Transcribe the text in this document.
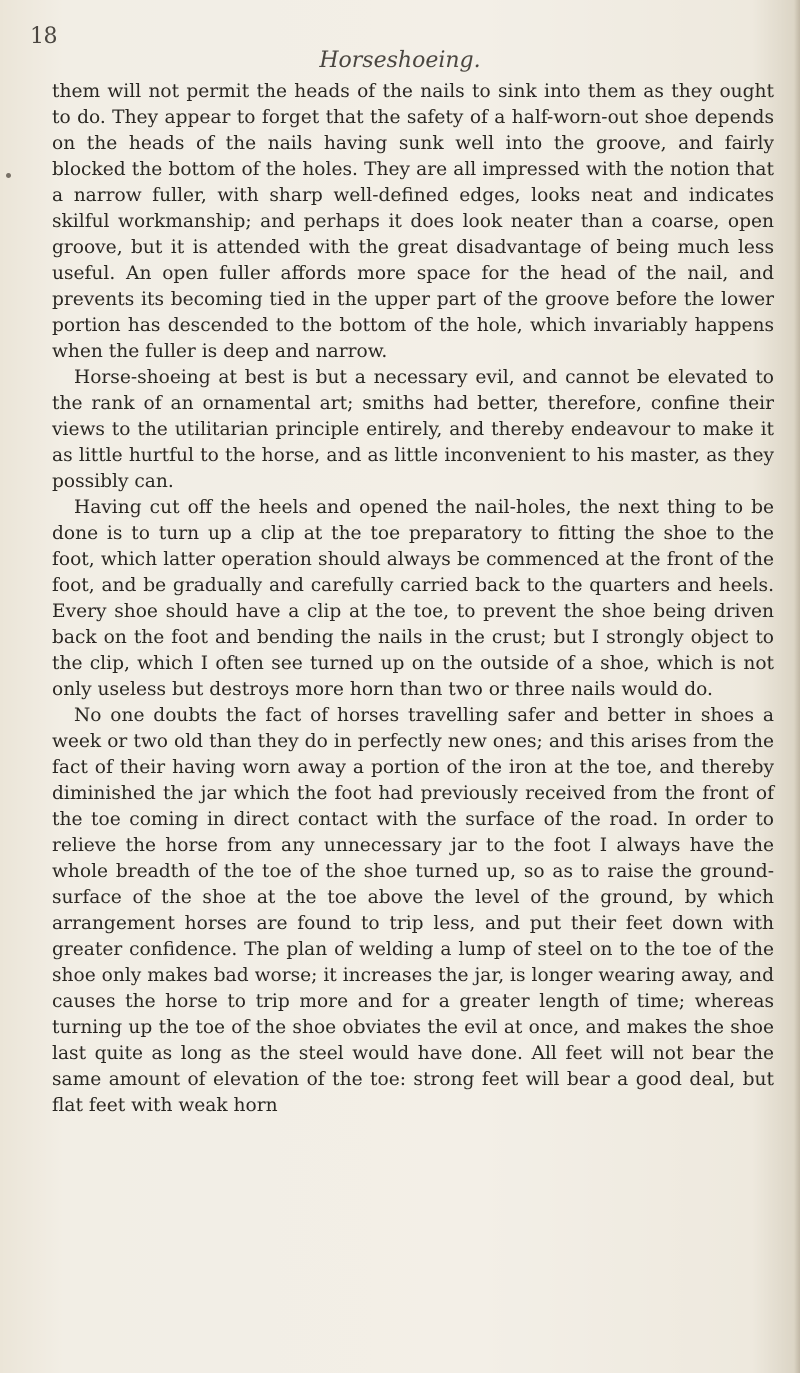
18
Horseshoeing.

them will not permit the heads of the nails to sink into them as they ought to do. They appear to forget that the safety of a half-worn-out shoe depends on the heads of the nails having sunk well into the groove, and fairly blocked the bottom of the holes. They are all impressed with the notion that a narrow fuller, with sharp well-defined edges, looks neat and indicates skilful workmanship; and perhaps it does look neater than a coarse, open groove, but it is attended with the great disadvantage of being much less useful. An open fuller affords more space for the head of the nail, and prevents its becoming tied in the upper part of the groove before the lower portion has descended to the bottom of the hole, which invariably happens when the fuller is deep and narrow.

Horse-shoeing at best is but a necessary evil, and cannot be elevated to the rank of an ornamental art; smiths had better, therefore, confine their views to the utilitarian principle entirely, and thereby endeavour to make it as little hurtful to the horse, and as little inconvenient to his master, as they possibly can.

Having cut off the heels and opened the nail-holes, the next thing to be done is to turn up a clip at the toe preparatory to fitting the shoe to the foot, which latter operation should always be commenced at the front of the foot, and be gradually and carefully carried back to the quarters and heels. Every shoe should have a clip at the toe, to prevent the shoe being driven back on the foot and bending the nails in the crust; but I strongly object to the clip, which I often see turned up on the outside of a shoe, which is not only useless but destroys more horn than two or three nails would do.

No one doubts the fact of horses travelling safer and better in shoes a week or two old than they do in perfectly new ones; and this arises from the fact of their having worn away a portion of the iron at the toe, and thereby diminished the jar which the foot had previously received from the front of the toe coming in direct contact with the surface of the road. In order to relieve the horse from any unnecessary jar to the foot I always have the whole breadth of the toe of the shoe turned up, so as to raise the ground-surface of the shoe at the toe above the level of the ground, by which arrangement horses are found to trip less, and put their feet down with greater confidence. The plan of welding a lump of steel on to the toe of the shoe only makes bad worse; it increases the jar, is longer wearing away, and causes the horse to trip more and for a greater length of time; whereas turning up the toe of the shoe obviates the evil at once, and makes the shoe last quite as long as the steel would have done. All feet will not bear the same amount of elevation of the toe: strong feet will bear a good deal, but flat feet with weak horn
